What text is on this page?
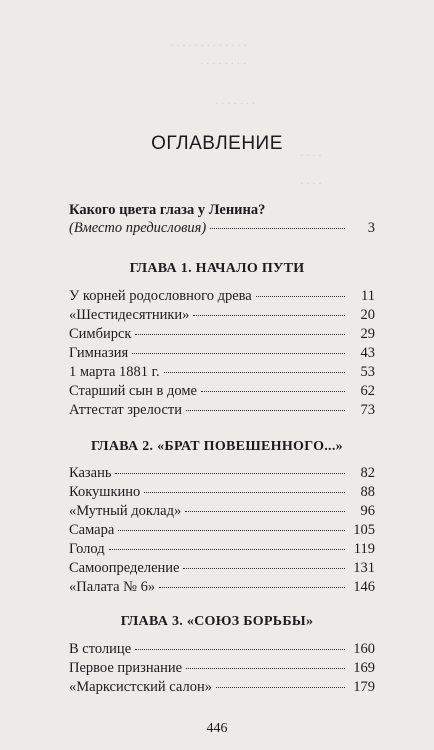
· · · · · · · · · · · · ·
· · · · · · · ·
· · · · · · ·
· · · ·
· · · ·
ОГЛАВЛЕНИЕ
Какого цвета глаза у Ленина?
(Вместо предисловия)	3
ГЛАВА 1. НАЧАЛО ПУТИ
У корней родословного древа	11
«Шестидесятники»	20
Симбирск	29
Гимназия	43
1 марта 1881 г.	53
Старший сын в доме	62
Аттестат зрелости	73
ГЛАВА 2. «БРАТ ПОВЕШЕННОГО...»
Казань	82
Кокушкино	88
«Мутный доклад»	96
Самара	105
Голод	119
Самоопределение	131
«Палата № 6»	146
ГЛАВА 3. «СОЮЗ БОРЬБЫ»
В столице	160
Первое признание	169
«Марксистский салон»	179
446
